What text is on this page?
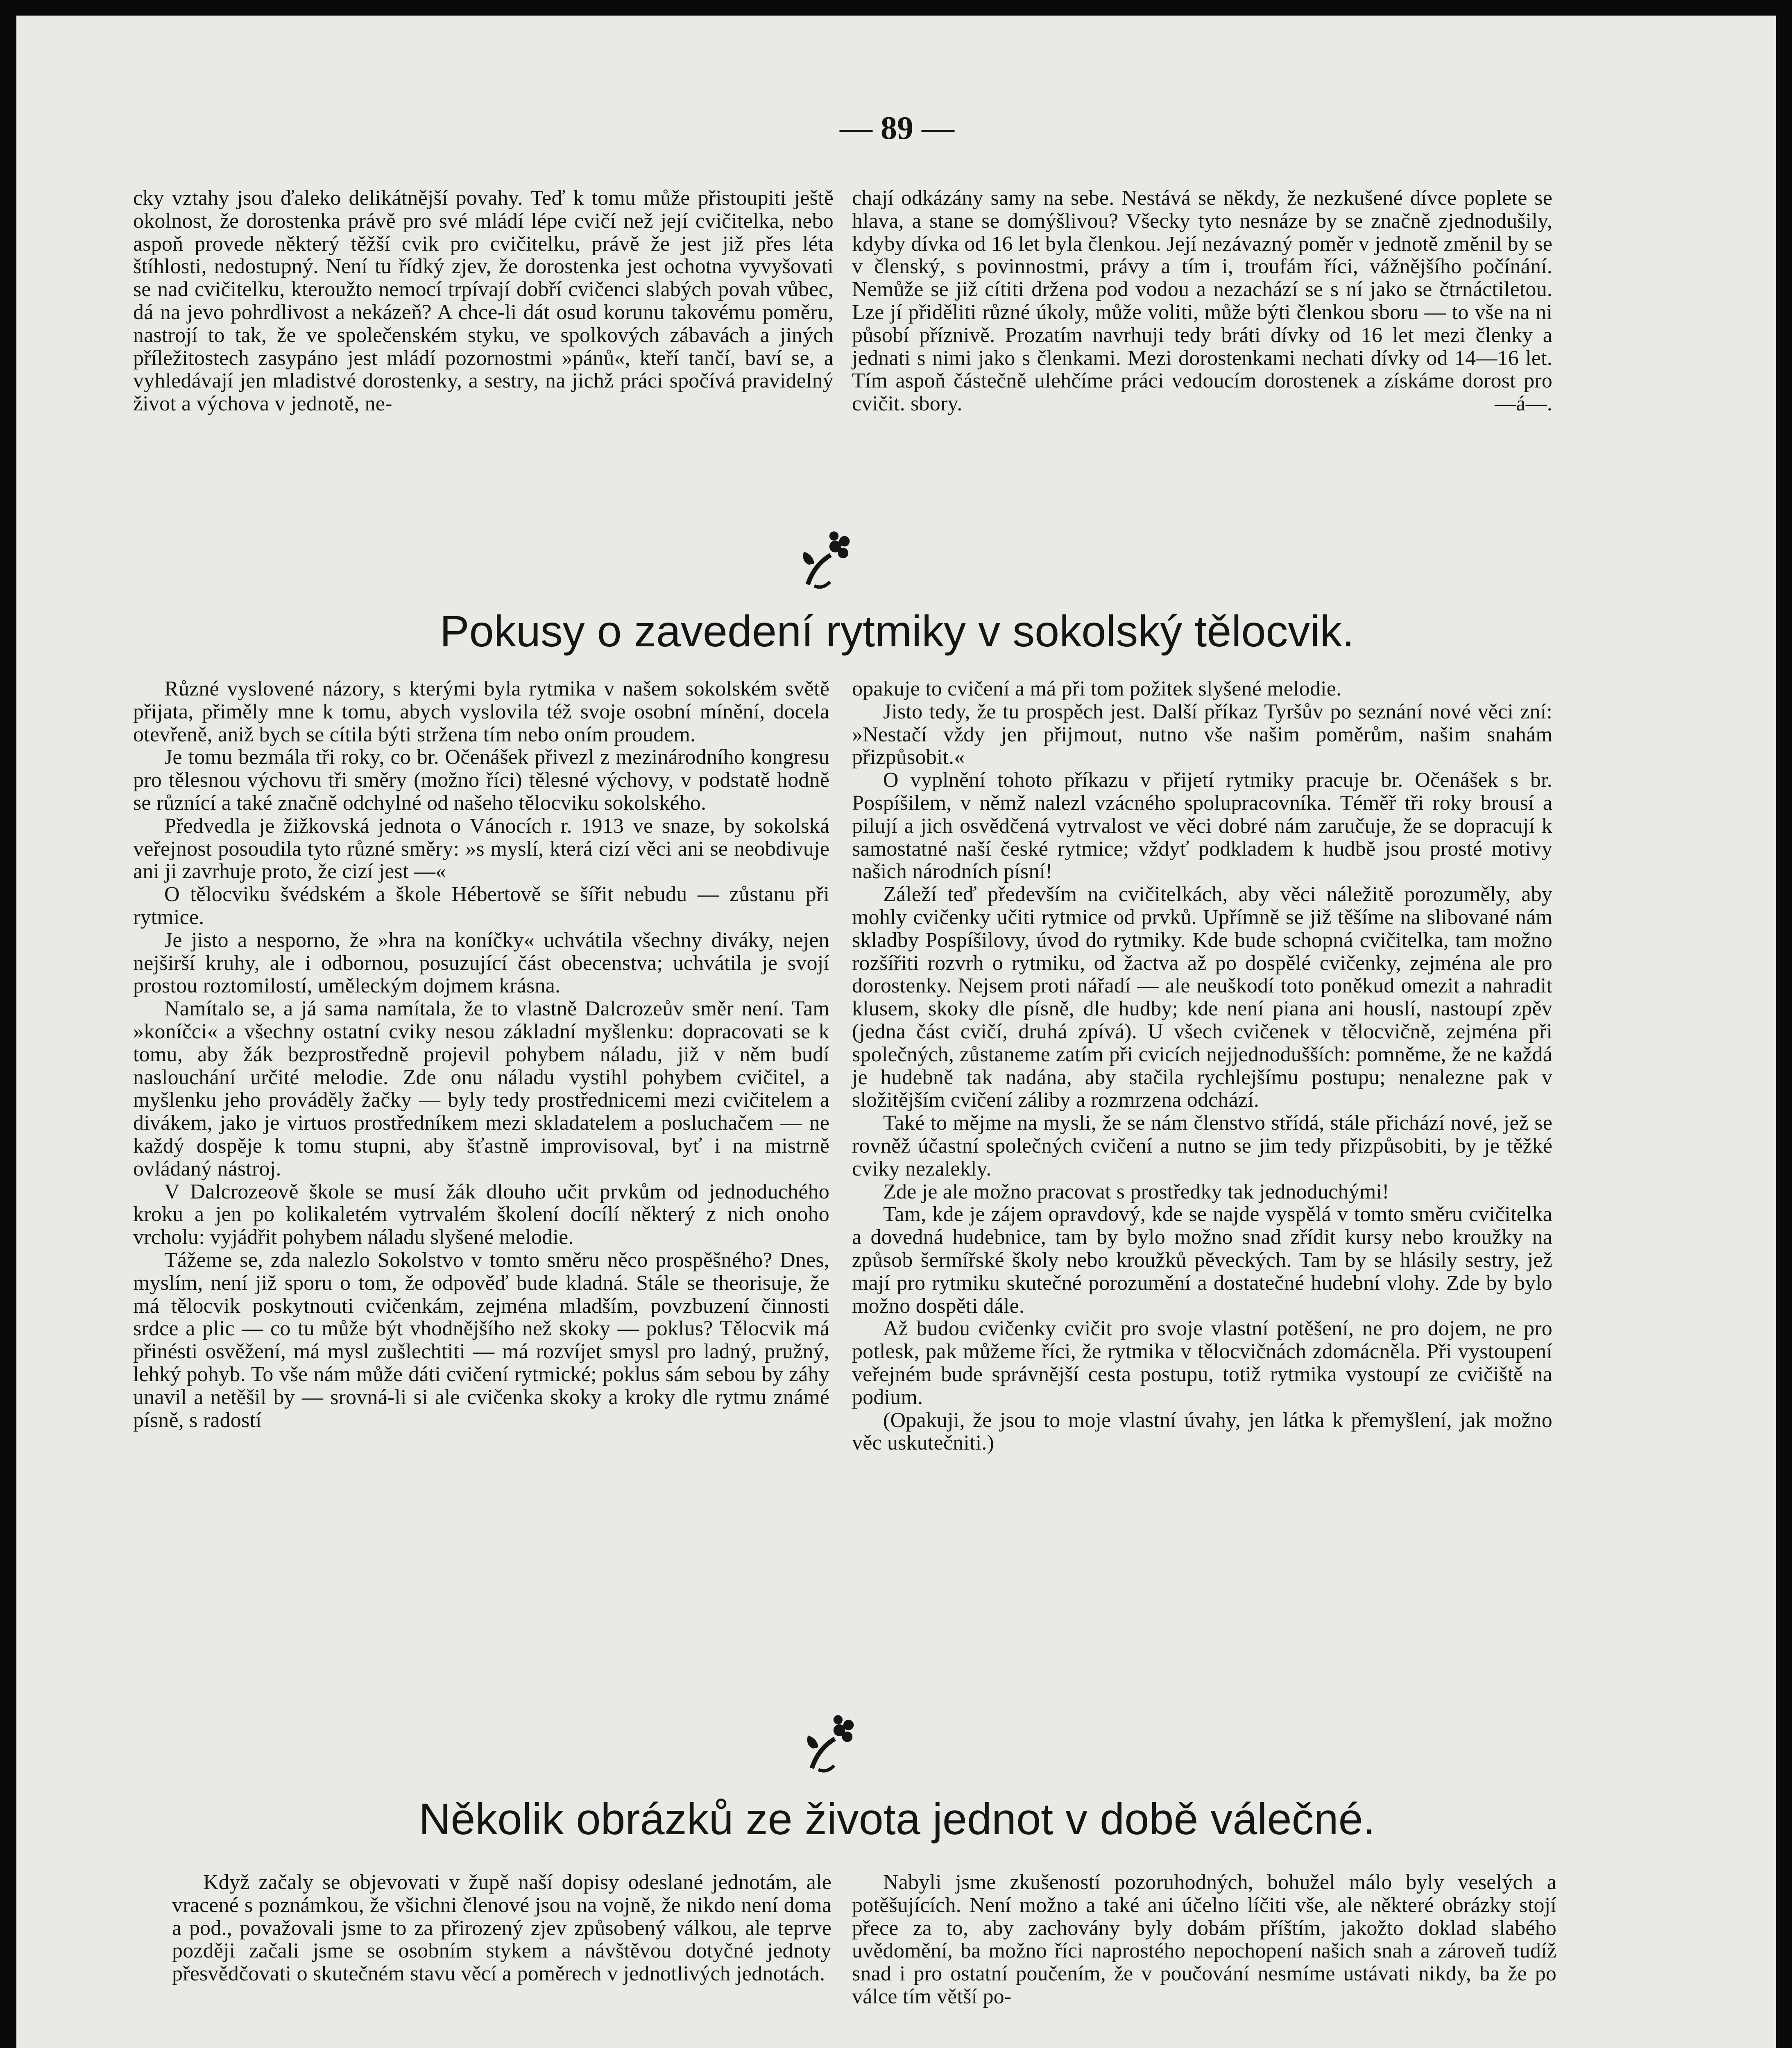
— 89 —

cky vztahy jsou ďaleko delikátnější povahy. Teď k tomu může přistoupiti ještě okolnost, že dorostenka právě pro své mládí lépe cvičí než její cvičitelka, nebo aspoň provede některý těžší cvik pro cvičitelku, právě že jest již přes léta štíhlosti, nedostupný. Není tu řídký zjev, že dorostenka jest ochotna vyvyšovati se nad cvičitelku, kteroužto nemocí trpívají dobří cvičenci slabých povah vůbec, dá na jevo pohrdlivost a nekázeň? A chce-li dát osud korunu takovému poměru, nastrojí to tak, že ve společenském styku, ve spolkových zábavách a jiných příležitostech zasypáno jest mládí pozornostmi »pánů«, kteří tančí, baví se, a vyhledávají jen mladistvé dorostenky, a sestry, na jichž práci spočívá pravidelný život a výchova v jednotě, ne-

chají odkázány samy na sebe. Nestává se někdy, že nezkušené dívce poplete se hlava, a stane se domýšlivou? Všecky tyto nesnáze by se značně zjednodušily, kdyby dívka od 16 let byla členkou. Její nezávazný poměr v jednotě změnil by se v členský, s povinnostmi, právy a tím i, troufám říci, vážnějšího počínání. Nemůže se již cítiti držena pod vodou a nezachází se s ní jako se čtrnáctiletou. Lze jí přiděliti různé úkoly, může voliti, může býti členkou sboru — to vše na ni působí příznivě. Prozatím navrhuji tedy bráti dívky od 16 let mezi členky a jednati s nimi jako s členkami. Mezi dorostenkami nechati dívky od 14—16 let. Tím aspoň částečně ulehčíme práci vedoucím dorostenek a získáme dorost pro cvičit. sbory.	—á—.

Pokusy o zavedení rytmiky v sokolský tělocvik.

Různé vyslovené názory, s kterými byla rytmika v našem sokolském světě přijata, přiměly mne k tomu, abych vyslovila též svoje osobní mínění, docela otevřeně, aniž bych se cítila býti stržena tím nebo oním proudem.

Je tomu bezmála tři roky, co br. Očenášek přivezl z mezinárodního kongresu pro tělesnou výchovu tři směry (možno říci) tělesné výchovy, v podstatě hodně se různící a také značně odchylné od našeho tělocviku sokolského.

Předvedla je žižkovská jednota o Vánocích r. 1913 ve snaze, by sokolská veřejnost posoudila tyto různé směry: »s myslí, která cizí věci ani se neobdivuje ani ji zavrhuje proto, že cizí jest —«

O tělocviku švédském a škole Hébertově se šířit nebudu — zůstanu při rytmice.

Je jisto a nesporno, že »hra na koníčky« uchvátila všechny diváky, nejen nejširší kruhy, ale i odbornou, posuzující část obecenstva; uchvátila je svojí prostou roztomilostí, uměleckým dojmem krásna.

Namítalo se, a já sama namítala, že to vlastně Dalcrozeův směr není. Tam »koníčci« a všechny ostatní cviky nesou základní myšlenku: dopracovati se k tomu, aby žák bezprostředně projevil pohybem náladu, již v něm budí naslouchání určité melodie. Zde onu náladu vystihl pohybem cvičitel, a myšlenku jeho prováděly žačky — byly tedy prostřednicemi mezi cvičitelem a divákem, jako je virtuos prostředníkem mezi skladatelem a posluchačem — ne každý dospěje k tomu stupni, aby šťastně improvisoval, byť i na mistrně ovládaný nástroj.

V Dalcrozeově škole se musí žák dlouho učit prvkům od jednoduchého kroku a jen po kolikaletém vytrvalém školení docílí některý z nich onoho vrcholu: vyjádřit pohybem náladu slyšené melodie.

Tážeme se, zda nalezlo Sokolstvo v tomto směru něco prospěšného? Dnes, myslím, není již sporu o tom, že odpověď bude kladná. Stále se theorisuje, že má tělocvik poskytnouti cvičenkám, zejména mladším, povzbuzení činnosti srdce a plic — co tu může být vhodnějšího než skoky — poklus? Tělocvik má přinésti osvěžení, má mysl zušlechtiti — má rozvíjet smysl pro ladný, pružný, lehký pohyb. To vše nám může dáti cvičení rytmické; poklus sám sebou by záhy unavil a netěšil by — srovná-li si ale cvičenka skoky a kroky dle rytmu známé písně, s radostí

opakuje to cvičení a má při tom požitek slyšené melodie.

Jisto tedy, že tu prospěch jest. Další příkaz Tyršův po seznání nové věci zní: »Nestačí vždy jen přijmout, nutno vše našim poměrům, našim snahám přizpůsobit.«

O vyplnění tohoto příkazu v přijetí rytmiky pracuje br. Očenášek s br. Pospíšilem, v němž nalezl vzácného spolupracovníka. Téměř tři roky brousí a pilují a jich osvědčená vytrvalost ve věci dobré nám zaručuje, že se dopracují k samostatné naší české rytmice; vždyť podkladem k hudbě jsou prosté motivy našich národních písní!

Záleží teď především na cvičitelkách, aby věci náležitě porozuměly, aby mohly cvičenky učiti rytmice od prvků. Upřímně se již těšíme na slibované nám skladby Pospíšilovy, úvod do rytmiky. Kde bude schopná cvičitelka, tam možno rozšířiti rozvrh o rytmiku, od žactva až po dospělé cvičenky, zejména ale pro dorostenky. Nejsem proti nářadí — ale neuškodí toto poněkud omezit a nahradit klusem, skoky dle písně, dle hudby; kde není piana ani houslí, nastoupí zpěv (jedna část cvičí, druhá zpívá). U všech cvičenek v tělocvičně, zejména při společných, zůstaneme zatím při cvicích nejjednodušších: pomněme, že ne každá je hudebně tak nadána, aby stačila rychlejšímu postupu; nenalezne pak v složitějším cvičení záliby a rozmrzena odchází.

Také to mějme na mysli, že se nám členstvo střídá, stále přichází nové, jež se rovněž účastní společných cvičení a nutno se jim tedy přizpůsobiti, by je těžké cviky nezalekly.

Zde je ale možno pracovat s prostředky tak jednoduchými!

Tam, kde je zájem opravdový, kde se najde vyspělá v tomto směru cvičitelka a dovedná hudebnice, tam by bylo možno snad zřídit kursy nebo kroužky na způsob šermířské školy nebo kroužků pěveckých. Tam by se hlásily sestry, jež mají pro rytmiku skutečné porozumění a dostatečné hudební vlohy. Zde by bylo možno dospěti dále.

Až budou cvičenky cvičit pro svoje vlastní potěšení, ne pro dojem, ne pro potlesk, pak můžeme říci, že rytmika v tělocvičnách zdomácněla. Při vystoupení veřejném bude správnější cesta postupu, totiž rytmika vystoupí ze cvičiště na podium.

(Opakuji, že jsou to moje vlastní úvahy, jen látka k přemyšlení, jak možno věc uskutečniti.)

Několik obrázků ze života jednot v době válečné.

Když začaly se objevovati v župě naší dopisy odeslané jednotám, ale vracené s poznámkou, že všichni členové jsou na vojně, že nikdo není doma a pod., považovali jsme to za přirozený zjev způsobený válkou, ale teprve později začali jsme se osobním stykem a návštěvou dotyčné jednoty přesvědčovati o skutečném stavu věcí a poměrech v jednotlivých jednotách.

Nabyli jsme zkušeností pozoruhodných, bohužel málo byly veselých a potěšujících. Není možno a také ani účelno líčiti vše, ale některé obrázky stojí přece za to, aby zachovány byly dobám příštím, jakožto doklad slabého uvědomění, ba možno říci naprostého nepochopení našich snah a zároveň tudíž snad i pro ostatní poučením, že v poučování nesmíme ustávati nikdy, ba že po válce tím větší po-
